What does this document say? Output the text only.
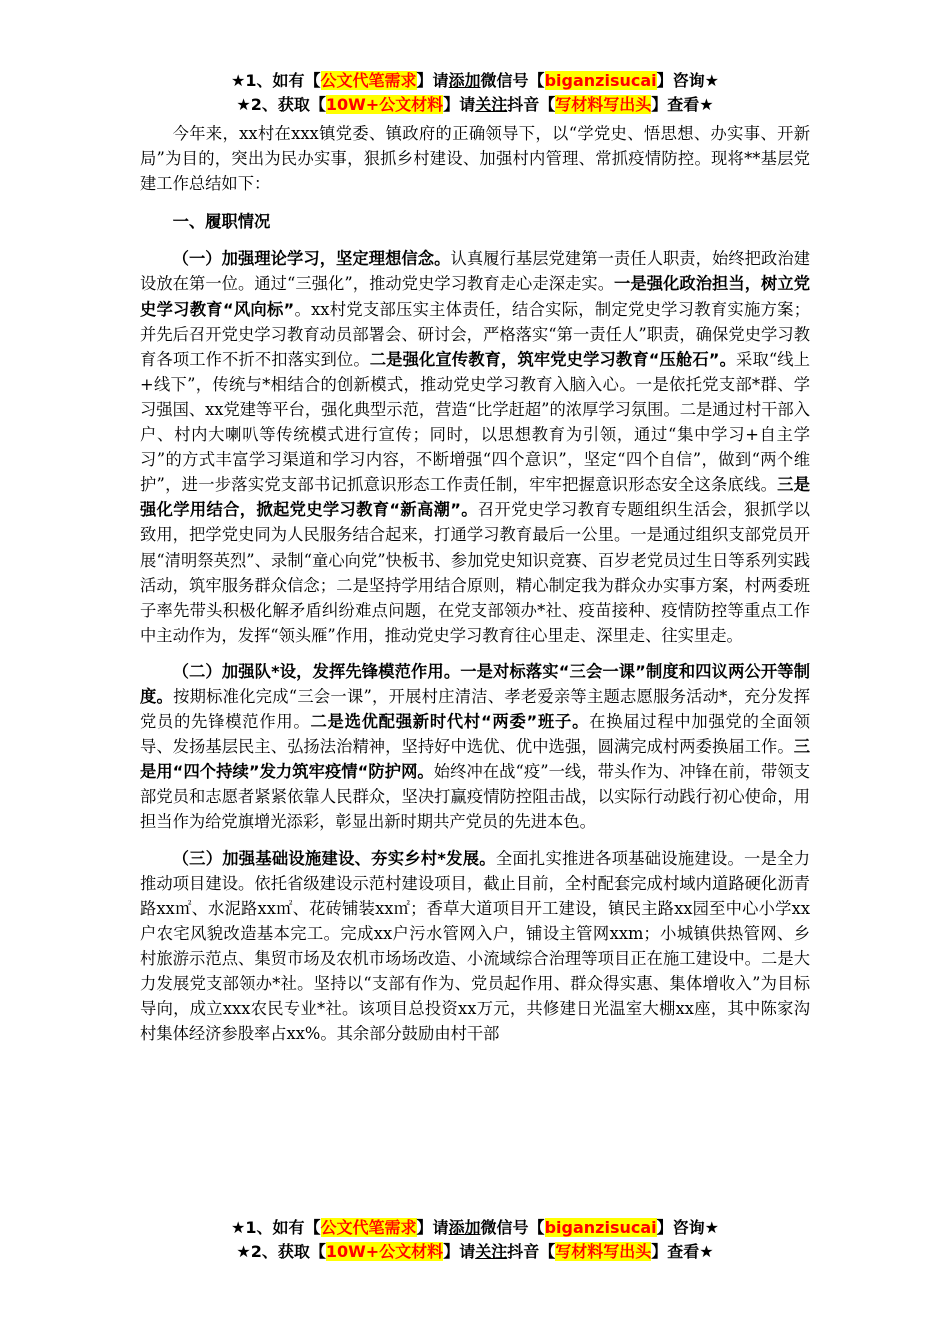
★1、如有【公文代笔需求】请添加微信号【biganzisucai】咨询★
★2、获取【10W+公文材料】请关注抖音【写材料写出头】查看★

今年来，xx村在xxx镇党委、镇政府的正确领导下，以“学党史、悟思想、办实事、开新局”为目的，突出为民办实事，狠抓乡村建设、加强村内管理、常抓疫情防控。现将**基层党建工作总结如下：

一、履职情况

（一）加强理论学习，坚定理想信念。认真履行基层党建第一责任人职责，始终把政治建设放在第一位。通过“三强化”，推动党史学习教育走心走深走实。一是强化政治担当，树立党史学习教育“风向标”。xx村党支部压实主体责任，结合实际，制定党史学习教育实施方案；并先后召开党史学习教育动员部署会、研讨会，严格落实“第一责任人”职责，确保党史学习教育各项工作不折不扣落实到位。二是强化宣传教育，筑牢党史学习教育“压舱石”。采取“线上+线下”，传统与*相结合的创新模式，推动党史学习教育入脑入心。一是依托党支部*群、学习强国、xx党建等平台，强化典型示范，营造“比学赶超”的浓厚学习氛围。二是通过村干部入户、村内大喇叭等传统模式进行宣传；同时，以思想教育为引领，通过“集中学习+自主学习”的方式丰富学习渠道和学习内容，不断增强“四个意识”，坚定“四个自信”，做到“两个维护”，进一步落实党支部书记抓意识形态工作责任制，牢牢把握意识形态安全这条底线。三是强化学用结合，掀起党史学习教育“新高潮”。召开党史学习教育专题组织生活会，狠抓学以致用，把学党史同为人民服务结合起来，打通学习教育最后一公里。一是通过组织支部党员开展“清明祭英烈”、录制“童心向党”快板书、参加党史知识竞赛、百岁老党员过生日等系列实践活动，筑牢服务群众信念；二是坚持学用结合原则，精心制定我为群众办实事方案，村两委班子率先带头积极化解矛盾纠纷难点问题，在党支部领办*社、疫苗接种、疫情防控等重点工作中主动作为，发挥“领头雁”作用，推动党史学习教育往心里走、深里走、往实里走。

（二）加强队*设，发挥先锋模范作用。一是对标落实“三会一课”制度和四议两公开等制度。按期标准化完成“三会一课”，开展村庄清洁、孝老爱亲等主题志愿服务活动*，充分发挥党员的先锋模范作用。二是选优配强新时代村“两委”班子。在换届过程中加强党的全面领导、发扬基层民主、弘扬法治精神，坚持好中选优、优中选强，圆满完成村两委换届工作。三是用“四个持续”发力筑牢疫情“防护网。始终冲在战“疫”一线，带头作为、冲锋在前，带领支部党员和志愿者紧紧依靠人民群众，坚决打赢疫情防控阻击战，以实际行动践行初心使命，用担当作为给党旗增光添彩，彰显出新时期共产党员的先进本色。

（三）加强基础设施建设、夯实乡村*发展。全面扎实推进各项基础设施建设。一是全力推动项目建设。依托省级建设示范村建设项目，截止目前，全村配套完成村域内道路硬化沥青路xx㎡、水泥路xx㎡、花砖铺装xx㎡；香草大道项目开工建设，镇民主路xx园至中心小学xx户农宅风貌改造基本完工。完成xx户污水管网入户，铺设主管网xxm；小城镇供热管网、乡村旅游示范点、集贸市场及农机市场场改造、小流域综合治理等项目正在施工建设中。二是大力发展党支部领办*社。坚持以“支部有作为、党员起作用、群众得实惠、集体增收入”为目标导向，成立xxx农民专业*社。该项目总投资xx万元，共修建日光温室大棚xx座，其中陈家沟村集体经济参股率占xx%。其余部分鼓励由村干部

★1、如有【公文代笔需求】请添加微信号【biganzisucai】咨询★
★2、获取【10W+公文材料】请关注抖音【写材料写出头】查看★
